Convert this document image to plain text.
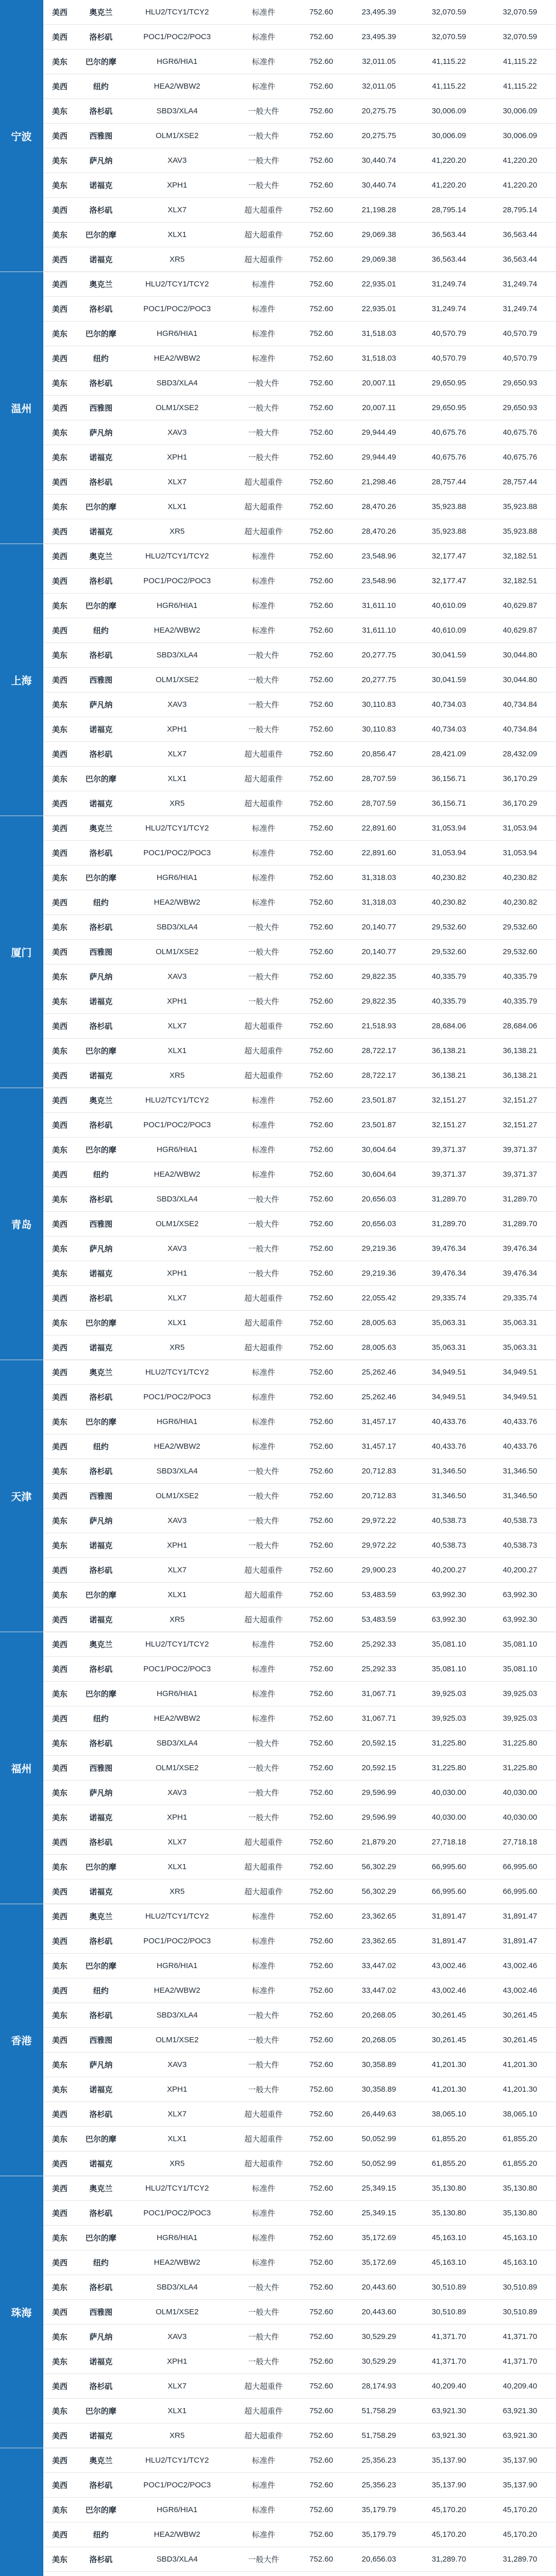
宁波
美西	奥克兰	HLU2/TCY1/TCY2	标准件	752.60	23,495.39	32,070.59	32,070.59
美西	洛杉矶	POC1/POC2/POC3	标准件	752.60	23,495.39	32,070.59	32,070.59
美东	巴尔的摩	HGR6/HIA1	标准件	752.60	32,011.05	41,115.22	41,115.22
美西	纽约	HEA2/WBW2	标准件	752.60	32,011.05	41,115.22	41,115.22
美东	洛杉矶	SBD3/XLA4	一般大件	752.60	20,275.75	30,006.09	30,006.09
美西	西雅图	OLM1/XSE2	一般大件	752.60	20,275.75	30,006.09	30,006.09
美东	萨凡纳	XAV3	一般大件	752.60	30,440.74	41,220.20	41,220.20
美东	诺福克	XPH1	一般大件	752.60	30,440.74	41,220.20	41,220.20
美西	洛杉矶	XLX7	超大超重件	752.60	21,198.28	28,795.14	28,795.14
美东	巴尔的摩	XLX1	超大超重件	752.60	29,069.38	36,563.44	36,563.44
美西	诺福克	XR5	超大超重件	752.60	29,069.38	36,563.44	36,563.44
温州
美西	奥克兰	HLU2/TCY1/TCY2	标准件	752.60	22,935.01	31,249.74	31,249.74
美西	洛杉矶	POC1/POC2/POC3	标准件	752.60	22,935.01	31,249.74	31,249.74
美东	巴尔的摩	HGR6/HIA1	标准件	752.60	31,518.03	40,570.79	40,570.79
美西	纽约	HEA2/WBW2	标准件	752.60	31,518.03	40,570.79	40,570.79
美东	洛杉矶	SBD3/XLA4	一般大件	752.60	20,007.11	29,650.95	29,650.93
美西	西雅图	OLM1/XSE2	一般大件	752.60	20,007.11	29,650.95	29,650.93
美东	萨凡纳	XAV3	一般大件	752.60	29,944.49	40,675.76	40,675.76
美东	诺福克	XPH1	一般大件	752.60	29,944.49	40,675.76	40,675.76
美西	洛杉矶	XLX7	超大超重件	752.60	21,298.46	28,757.44	28,757.44
美东	巴尔的摩	XLX1	超大超重件	752.60	28,470.26	35,923.88	35,923.88
美西	诺福克	XR5	超大超重件	752.60	28,470.26	35,923.88	35,923.88
上海
美西	奥克兰	HLU2/TCY1/TCY2	标准件	752.60	23,548.96	32,177.47	32,182.51
美西	洛杉矶	POC1/POC2/POC3	标准件	752.60	23,548.96	32,177.47	32,182.51
美东	巴尔的摩	HGR6/HIA1	标准件	752.60	31,611.10	40,610.09	40,629.87
美西	纽约	HEA2/WBW2	标准件	752.60	31,611.10	40,610.09	40,629.87
美东	洛杉矶	SBD3/XLA4	一般大件	752.60	20,277.75	30,041.59	30,044.80
美西	西雅图	OLM1/XSE2	一般大件	752.60	20,277.75	30,041.59	30,044.80
美东	萨凡纳	XAV3	一般大件	752.60	30,110.83	40,734.03	40,734.84
美东	诺福克	XPH1	一般大件	752.60	30,110.83	40,734.03	40,734.84
美西	洛杉矶	XLX7	超大超重件	752.60	20,856.47	28,421.09	28,432.09
美东	巴尔的摩	XLX1	超大超重件	752.60	28,707.59	36,156.71	36,170.29
美西	诺福克	XR5	超大超重件	752.60	28,707.59	36,156.71	36,170.29
厦门
美西	奥克兰	HLU2/TCY1/TCY2	标准件	752.60	22,891.60	31,053.94	31,053.94
美西	洛杉矶	POC1/POC2/POC3	标准件	752.60	22,891.60	31,053.94	31,053.94
美东	巴尔的摩	HGR6/HIA1	标准件	752.60	31,318.03	40,230.82	40,230.82
美西	纽约	HEA2/WBW2	标准件	752.60	31,318.03	40,230.82	40,230.82
美东	洛杉矶	SBD3/XLA4	一般大件	752.60	20,140.77	29,532.60	29,532.60
美西	西雅图	OLM1/XSE2	一般大件	752.60	20,140.77	29,532.60	29,532.60
美东	萨凡纳	XAV3	一般大件	752.60	29,822.35	40,335.79	40,335.79
美东	诺福克	XPH1	一般大件	752.60	29,822.35	40,335.79	40,335.79
美西	洛杉矶	XLX7	超大超重件	752.60	21,518.93	28,684.06	28,684.06
美东	巴尔的摩	XLX1	超大超重件	752.60	28,722.17	36,138.21	36,138.21
美西	诺福克	XR5	超大超重件	752.60	28,722.17	36,138.21	36,138.21
青岛
美西	奥克兰	HLU2/TCY1/TCY2	标准件	752.60	23,501.87	32,151.27	32,151.27
美西	洛杉矶	POC1/POC2/POC3	标准件	752.60	23,501.87	32,151.27	32,151.27
美东	巴尔的摩	HGR6/HIA1	标准件	752.60	30,604.64	39,371.37	39,371.37
美西	纽约	HEA2/WBW2	标准件	752.60	30,604.64	39,371.37	39,371.37
美东	洛杉矶	SBD3/XLA4	一般大件	752.60	20,656.03	31,289.70	31,289.70
美西	西雅图	OLM1/XSE2	一般大件	752.60	20,656.03	31,289.70	31,289.70
美东	萨凡纳	XAV3	一般大件	752.60	29,219.36	39,476.34	39,476.34
美东	诺福克	XPH1	一般大件	752.60	29,219.36	39,476.34	39,476.34
美西	洛杉矶	XLX7	超大超重件	752.60	22,055.42	29,335.74	29,335.74
美东	巴尔的摩	XLX1	超大超重件	752.60	28,005.63	35,063.31	35,063.31
美西	诺福克	XR5	超大超重件	752.60	28,005.63	35,063.31	35,063.31
天津
美西	奥克兰	HLU2/TCY1/TCY2	标准件	752.60	25,262.46	34,949.51	34,949.51
美西	洛杉矶	POC1/POC2/POC3	标准件	752.60	25,262.46	34,949.51	34,949.51
美东	巴尔的摩	HGR6/HIA1	标准件	752.60	31,457.17	40,433.76	40,433.76
美西	纽约	HEA2/WBW2	标准件	752.60	31,457.17	40,433.76	40,433.76
美东	洛杉矶	SBD3/XLA4	一般大件	752.60	20,712.83	31,346.50	31,346.50
美西	西雅图	OLM1/XSE2	一般大件	752.60	20,712.83	31,346.50	31,346.50
美东	萨凡纳	XAV3	一般大件	752.60	29,972.22	40,538.73	40,538.73
美东	诺福克	XPH1	一般大件	752.60	29,972.22	40,538.73	40,538.73
美西	洛杉矶	XLX7	超大超重件	752.60	29,900.23	40,200.27	40,200.27
美东	巴尔的摩	XLX1	超大超重件	752.60	53,483.59	63,992.30	63,992.30
美西	诺福克	XR5	超大超重件	752.60	53,483.59	63,992.30	63,992.30
福州
美西	奥克兰	HLU2/TCY1/TCY2	标准件	752.60	25,292.33	35,081.10	35,081.10
美西	洛杉矶	POC1/POC2/POC3	标准件	752.60	25,292.33	35,081.10	35,081.10
美东	巴尔的摩	HGR6/HIA1	标准件	752.60	31,067.71	39,925.03	39,925.03
美西	纽约	HEA2/WBW2	标准件	752.60	31,067.71	39,925.03	39,925.03
美东	洛杉矶	SBD3/XLA4	一般大件	752.60	20,592.15	31,225.80	31,225.80
美西	西雅图	OLM1/XSE2	一般大件	752.60	20,592.15	31,225.80	31,225.80
美东	萨凡纳	XAV3	一般大件	752.60	29,596.99	40,030.00	40,030.00
美东	诺福克	XPH1	一般大件	752.60	29,596.99	40,030.00	40,030.00
美西	洛杉矶	XLX7	超大超重件	752.60	21,879.20	27,718.18	27,718.18
美东	巴尔的摩	XLX1	超大超重件	752.60	56,302.29	66,995.60	66,995.60
美西	诺福克	XR5	超大超重件	752.60	56,302.29	66,995.60	66,995.60
香港
美西	奥克兰	HLU2/TCY1/TCY2	标准件	752.60	23,362.65	31,891.47	31,891.47
美西	洛杉矶	POC1/POC2/POC3	标准件	752.60	23,362.65	31,891.47	31,891.47
美东	巴尔的摩	HGR6/HIA1	标准件	752.60	33,447.02	43,002.46	43,002.46
美西	纽约	HEA2/WBW2	标准件	752.60	33,447.02	43,002.46	43,002.46
美东	洛杉矶	SBD3/XLA4	一般大件	752.60	20,268.05	30,261.45	30,261.45
美西	西雅图	OLM1/XSE2	一般大件	752.60	20,268.05	30,261.45	30,261.45
美东	萨凡纳	XAV3	一般大件	752.60	30,358.89	41,201.30	41,201.30
美东	诺福克	XPH1	一般大件	752.60	30,358.89	41,201.30	41,201.30
美西	洛杉矶	XLX7	超大超重件	752.60	26,449.63	38,065.10	38,065.10
美东	巴尔的摩	XLX1	超大超重件	752.60	50,052.99	61,855.20	61,855.20
美西	诺福克	XR5	超大超重件	752.60	50,052.99	61,855.20	61,855.20
珠海
美西	奥克兰	HLU2/TCY1/TCY2	标准件	752.60	25,349.15	35,130.80	35,130.80
美西	洛杉矶	POC1/POC2/POC3	标准件	752.60	25,349.15	35,130.80	35,130.80
美东	巴尔的摩	HGR6/HIA1	标准件	752.60	35,172.69	45,163.10	45,163.10
美西	纽约	HEA2/WBW2	标准件	752.60	35,172.69	45,163.10	45,163.10
美东	洛杉矶	SBD3/XLA4	一般大件	752.60	20,443.60	30,510.89	30,510.89
美西	西雅图	OLM1/XSE2	一般大件	752.60	20,443.60	30,510.89	30,510.89
美东	萨凡纳	XAV3	一般大件	752.60	30,529.29	41,371.70	41,371.70
美东	诺福克	XPH1	一般大件	752.60	30,529.29	41,371.70	41,371.70
美西	洛杉矶	XLX7	超大超重件	752.60	28,174.93	40,209.40	40,209.40
美东	巴尔的摩	XLX1	超大超重件	752.60	51,758.29	63,921.30	63,921.30
美西	诺福克	XR5	超大超重件	752.60	51,758.29	63,921.30	63,921.30
美西	奥克兰	HLU2/TCY1/TCY2	标准件	752.60	25,356.23	35,137.90	35,137.90
美西	洛杉矶	POC1/POC2/POC3	标准件	752.60	25,356.23	35,137.90	35,137.90
美东	巴尔的摩	HGR6/HIA1	标准件	752.60	35,179.79	45,170.20	45,170.20
美西	纽约	HEA2/WBW2	标准件	752.60	35,179.79	45,170.20	45,170.20
美东	洛杉矶	SBD3/XLA4	一般大件	752.60	20,656.03	31,289.70	31,289.70
